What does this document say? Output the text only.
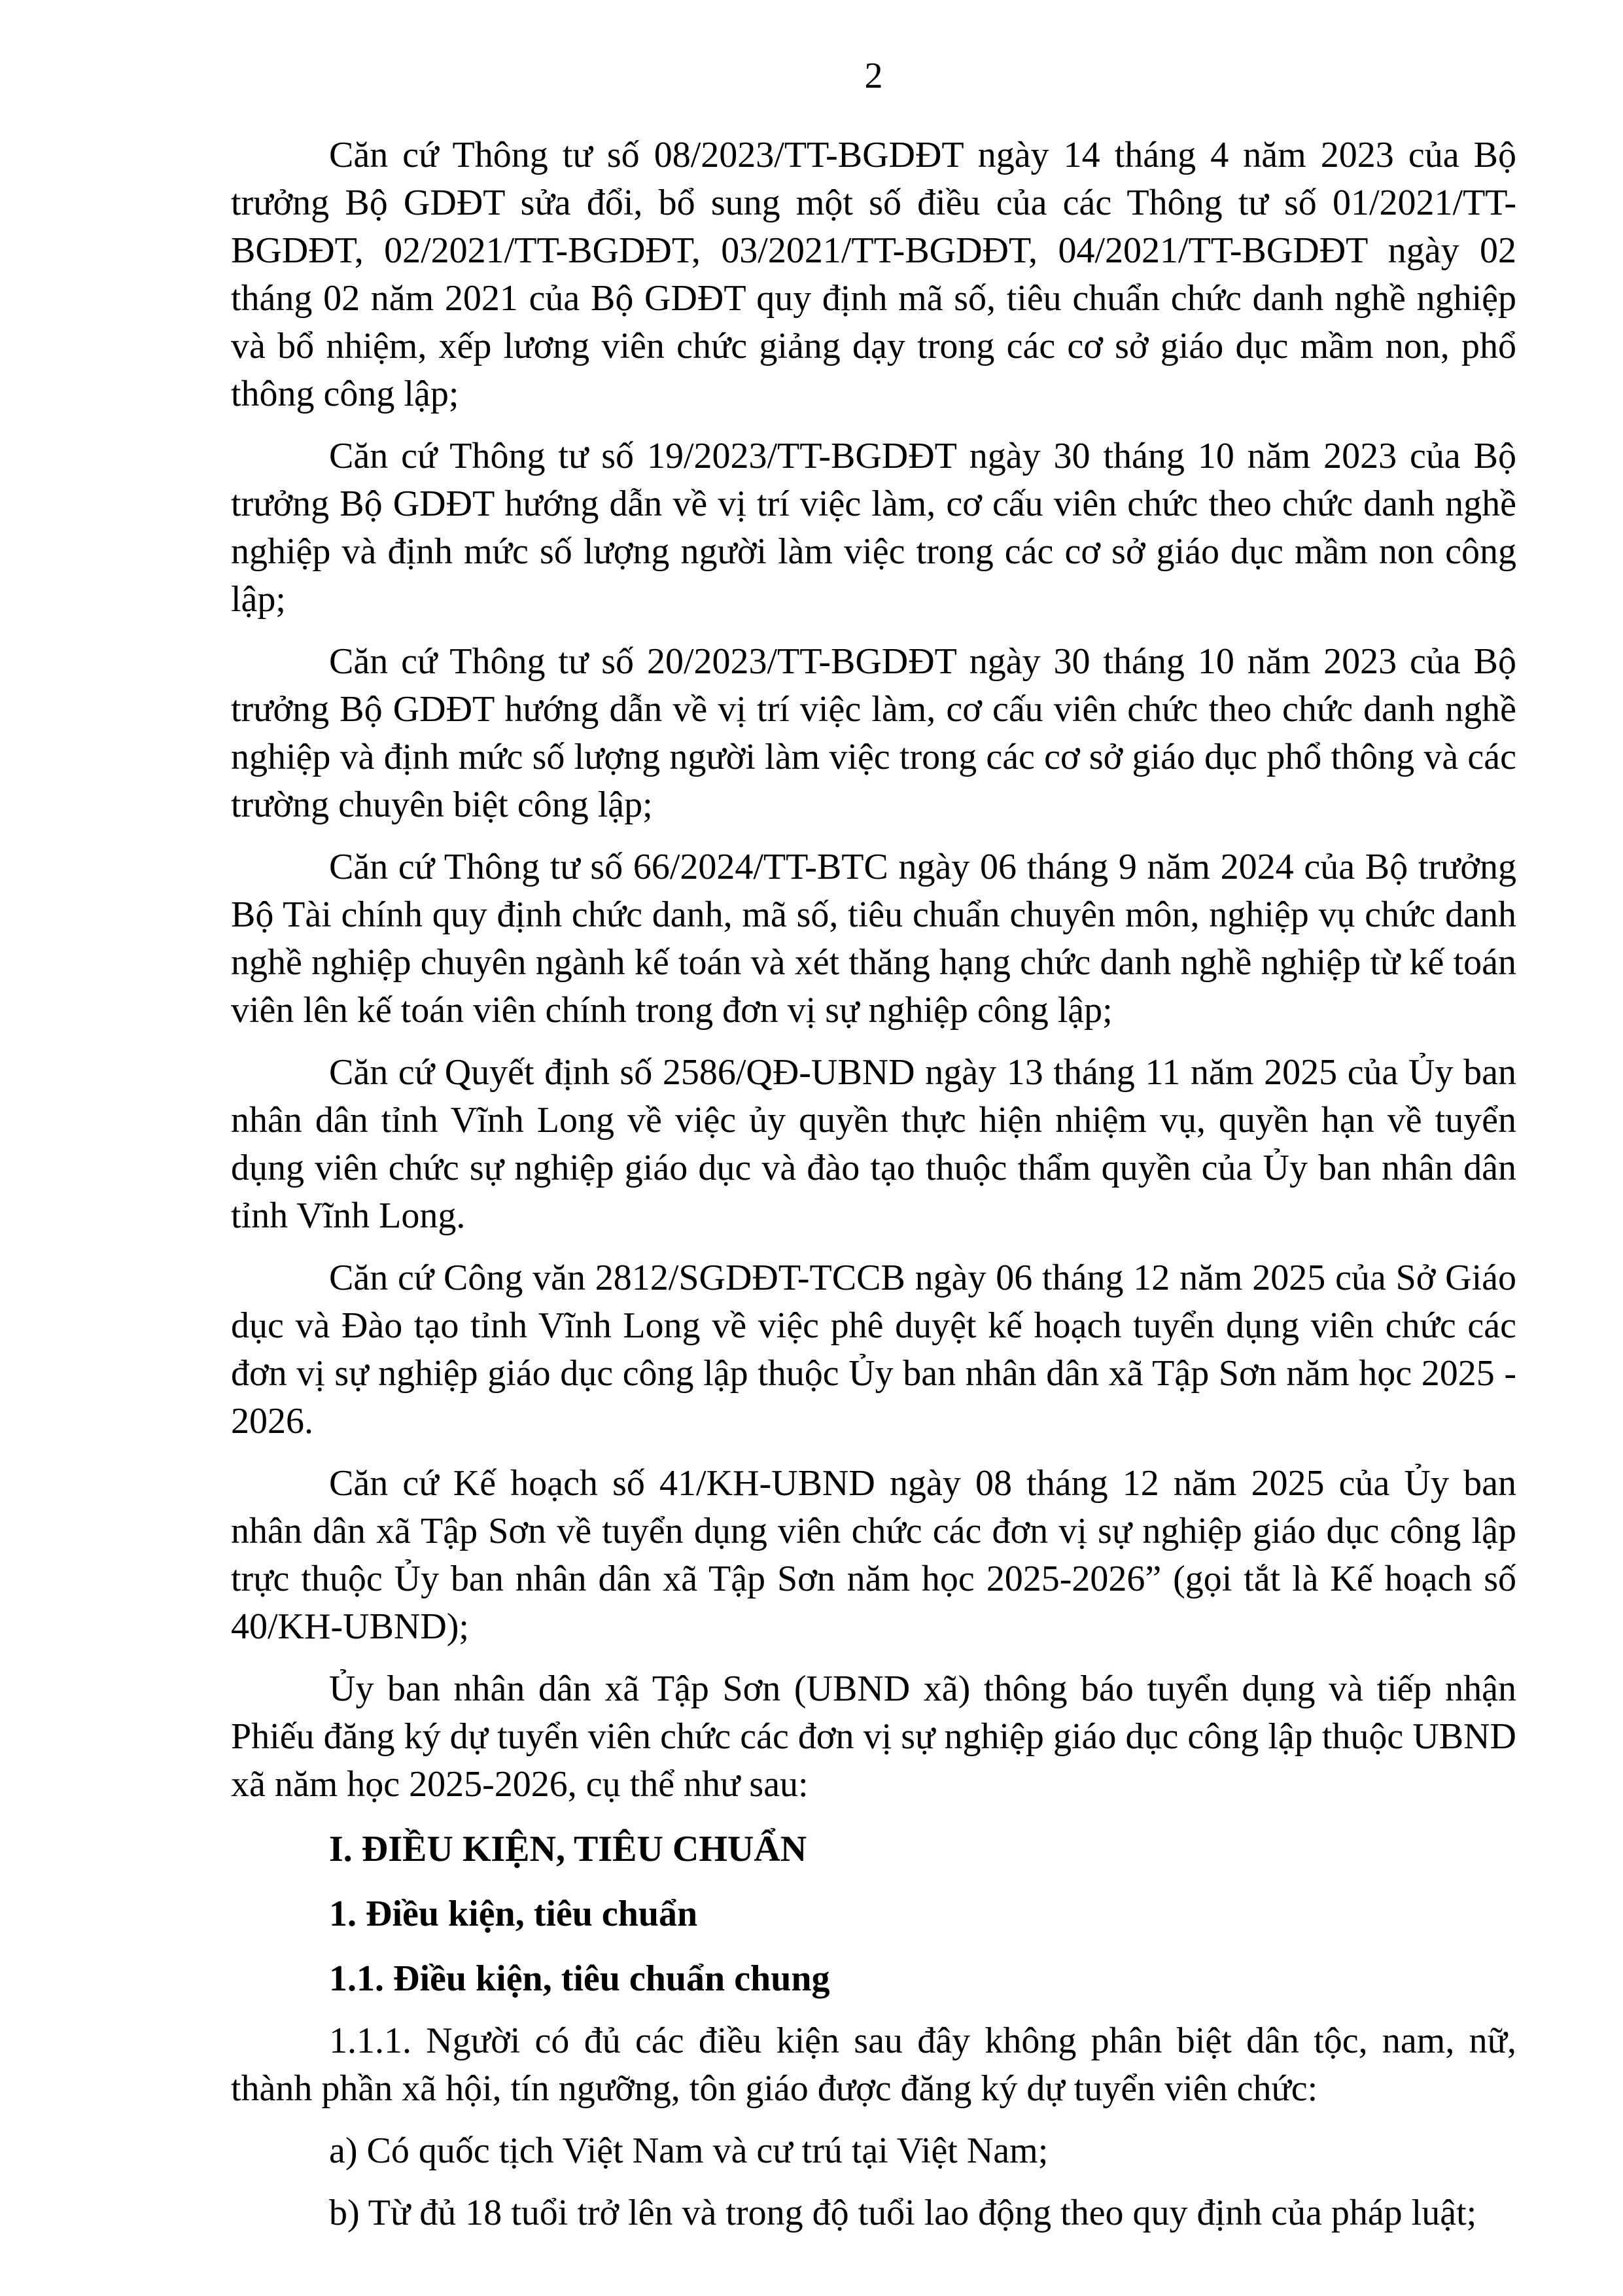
2

Căn cứ Thông tư số 08/2023/TT-BGDĐT ngày 14 tháng 4 năm 2023 của Bộ trưởng Bộ GDĐT sửa đổi, bổ sung một số điều của các Thông tư số 01/2021/TT-BGDĐT, 02/2021/TT-BGDĐT, 03/2021/TT-BGDĐT, 04/2021/TT-BGDĐT ngày 02 tháng 02 năm 2021 của Bộ GDĐT quy định mã số, tiêu chuẩn chức danh nghề nghiệp và bổ nhiệm, xếp lương viên chức giảng dạy trong các cơ sở giáo dục mầm non, phổ thông công lập;

Căn cứ Thông tư số 19/2023/TT-BGDĐT ngày 30 tháng 10 năm 2023 của Bộ trưởng Bộ GDĐT hướng dẫn về vị trí việc làm, cơ cấu viên chức theo chức danh nghề nghiệp và định mức số lượng người làm việc trong các cơ sở giáo dục mầm non công lập;

Căn cứ Thông tư số 20/2023/TT-BGDĐT ngày 30 tháng 10 năm 2023 của Bộ trưởng Bộ GDĐT hướng dẫn về vị trí việc làm, cơ cấu viên chức theo chức danh nghề nghiệp và định mức số lượng người làm việc trong các cơ sở giáo dục phổ thông và các trường chuyên biệt công lập;

Căn cứ Thông tư số 66/2024/TT-BTC ngày 06 tháng 9 năm 2024 của Bộ trưởng Bộ Tài chính quy định chức danh, mã số, tiêu chuẩn chuyên môn, nghiệp vụ chức danh nghề nghiệp chuyên ngành kế toán và xét thăng hạng chức danh nghề nghiệp từ kế toán viên lên kế toán viên chính trong đơn vị sự nghiệp công lập;

Căn cứ Quyết định số 2586/QĐ-UBND ngày 13 tháng 11 năm 2025 của Ủy ban nhân dân tỉnh Vĩnh Long về việc ủy quyền thực hiện nhiệm vụ, quyền hạn về tuyển dụng viên chức sự nghiệp giáo dục và đào tạo thuộc thẩm quyền của Ủy ban nhân dân tỉnh Vĩnh Long.

Căn cứ Công văn 2812/SGDĐT-TCCB ngày 06 tháng 12 năm 2025 của Sở Giáo dục và Đào tạo tỉnh Vĩnh Long về việc phê duyệt kế hoạch tuyển dụng viên chức các đơn vị sự nghiệp giáo dục công lập thuộc Ủy ban nhân dân xã Tập Sơn năm học 2025 - 2026.

Căn cứ Kế hoạch số 41/KH-UBND ngày 08 tháng 12 năm 2025 của Ủy ban nhân dân xã Tập Sơn về tuyển dụng viên chức các đơn vị sự nghiệp giáo dục công lập trực thuộc Ủy ban nhân dân xã Tập Sơn năm học 2025-2026” (gọi tắt là Kế hoạch số 40/KH-UBND);

Ủy ban nhân dân xã Tập Sơn (UBND xã) thông báo tuyển dụng và tiếp nhận Phiếu đăng ký dự tuyển viên chức các đơn vị sự nghiệp giáo dục công lập thuộc UBND xã năm học 2025-2026, cụ thể như sau:

I. ĐIỀU KIỆN, TIÊU CHUẨN

1. Điều kiện, tiêu chuẩn

1.1. Điều kiện, tiêu chuẩn chung

1.1.1. Người có đủ các điều kiện sau đây không phân biệt dân tộc, nam, nữ, thành phần xã hội, tín ngưỡng, tôn giáo được đăng ký dự tuyển viên chức:

a) Có quốc tịch Việt Nam và cư trú tại Việt Nam;

b) Từ đủ 18 tuổi trở lên và trong độ tuổi lao động theo quy định của pháp luật;
